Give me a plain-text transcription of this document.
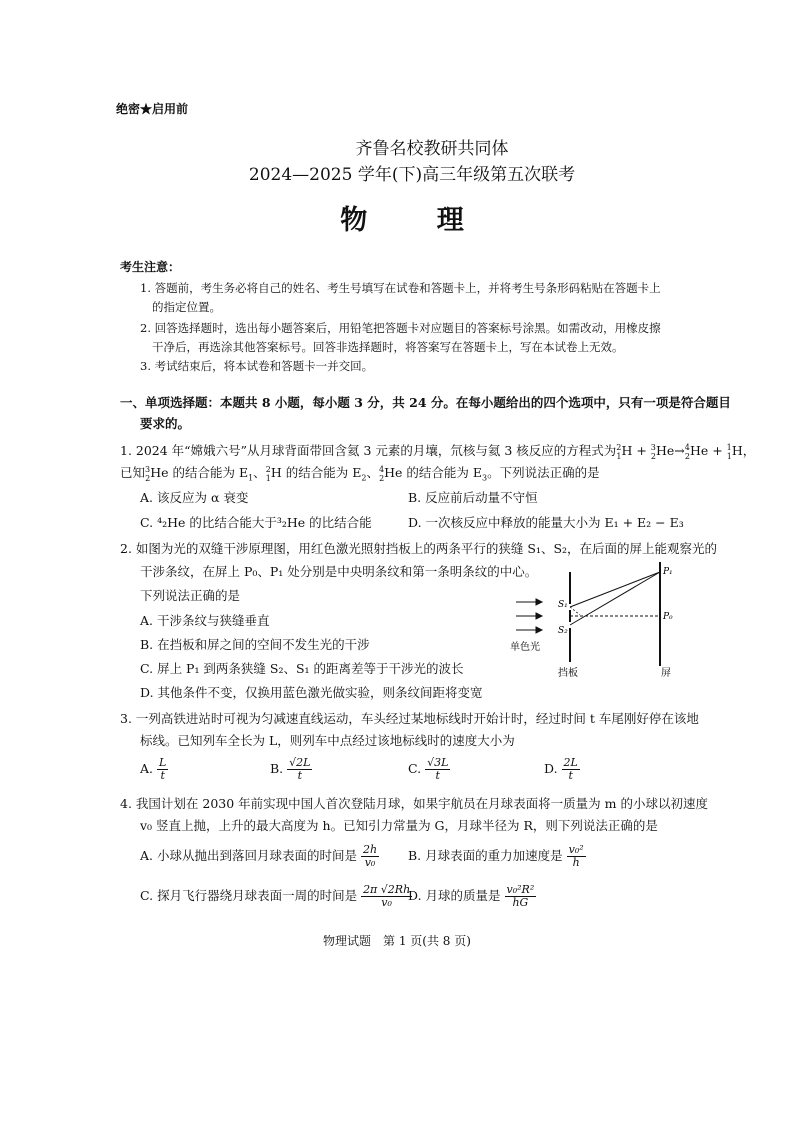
绝密★启用前
齐鲁名校教研共同体
2024—2025 学年(下)高三年级第五次联考
物 理
考生注意：
1. 答题前，考生务必将自己的姓名、考生号填写在试卷和答题卡上，并将考生号条形码粘贴在答题卡上
的指定位置。
2. 回答选择题时，选出每小题答案后，用铅笔把答题卡对应题目的答案标号涂黑。如需改动，用橡皮擦
干净后，再选涂其他答案标号。回答非选择题时，将答案写在答题卡上，写在本试卷上无效。
3. 考试结束后，将本试卷和答题卡一并交回。
一、单项选择题：本题共 8 小题，每小题 3 分，共 24 分。在每小题给出的四个选项中，只有一项是符合题目
要求的。
1. 2024 年“嫦娥六号”从月球背面带回含氦 3 元素的月壤，氘核与氦 3 核反应的方程式为$^2_1$H + $^3_2$He→$^4_2$He + $^1_1$H，
已知$^3_2$He 的结合能为 $E_1$、$^2_1$H 的结合能为 $E_2$、$^4_2$He 的结合能为 $E_3$。下列说法正确的是
A. 该反应为 α 衰变	B. 反应前后动量不守恒
C. ⁴₂He 的比结合能大于³₂He 的比结合能	D. 一次核反应中释放的能量大小为 E₁ + E₂ − E₃
2. 如图为光的双缝干涉原理图，用红色激光照射挡板上的两条平行的狭缝 S₁、S₂，在后面的屏上能观察光的
干涉条纹，在屏上 P₀、P₁ 处分别是中央明条纹和第一条明条纹的中心。
下列说法正确的是
A. 干涉条纹与狭缝垂直
B. 在挡板和屏之间的空间不发生光的干涉
C. 屏上 P₁ 到两条狭缝 S₂、S₁ 的距离差等于干涉光的波长
D. 其他条件不变，仅换用蓝色激光做实验，则条纹间距将变宽
S₁
S₂
P₁
P₀
单色光
挡板	屏
3. 一列高铁进站时可视为匀减速直线运动，车头经过某地标线时开始计时，经过时间 t 车尾刚好停在该地
标线。已知列车全长为 L，则列车中点经过该地标线时的速度大小为
A. $\frac{L}{t}$	B. $\frac{√2L}{t}$	C. $\frac{√3L}{t}$	D. $\frac{2L}{t}$
4. 我国计划在 2030 年前实现中国人首次登陆月球，如果宇航员在月球表面将一质量为 m 的小球以初速度
v₀ 竖直上抛，上升的最大高度为 h。已知引力常量为 G，月球半径为 R，则下列说法正确的是
A. 小球从抛出到落回月球表面的时间是 $\frac{2h}{\text{v₀}} B$. 月球表面的重力加速度是 $\frac{\text{v₀²}}{h}$
C. 探月飞行器绕月球表面一周的时间是 $\frac{2\pi √2Rh}{\text{v₀}}$
D. 月球的质量是 $\frac{\text{v₀²R²}}{hG}$
物理试题　第 1 页(共 8 页)
